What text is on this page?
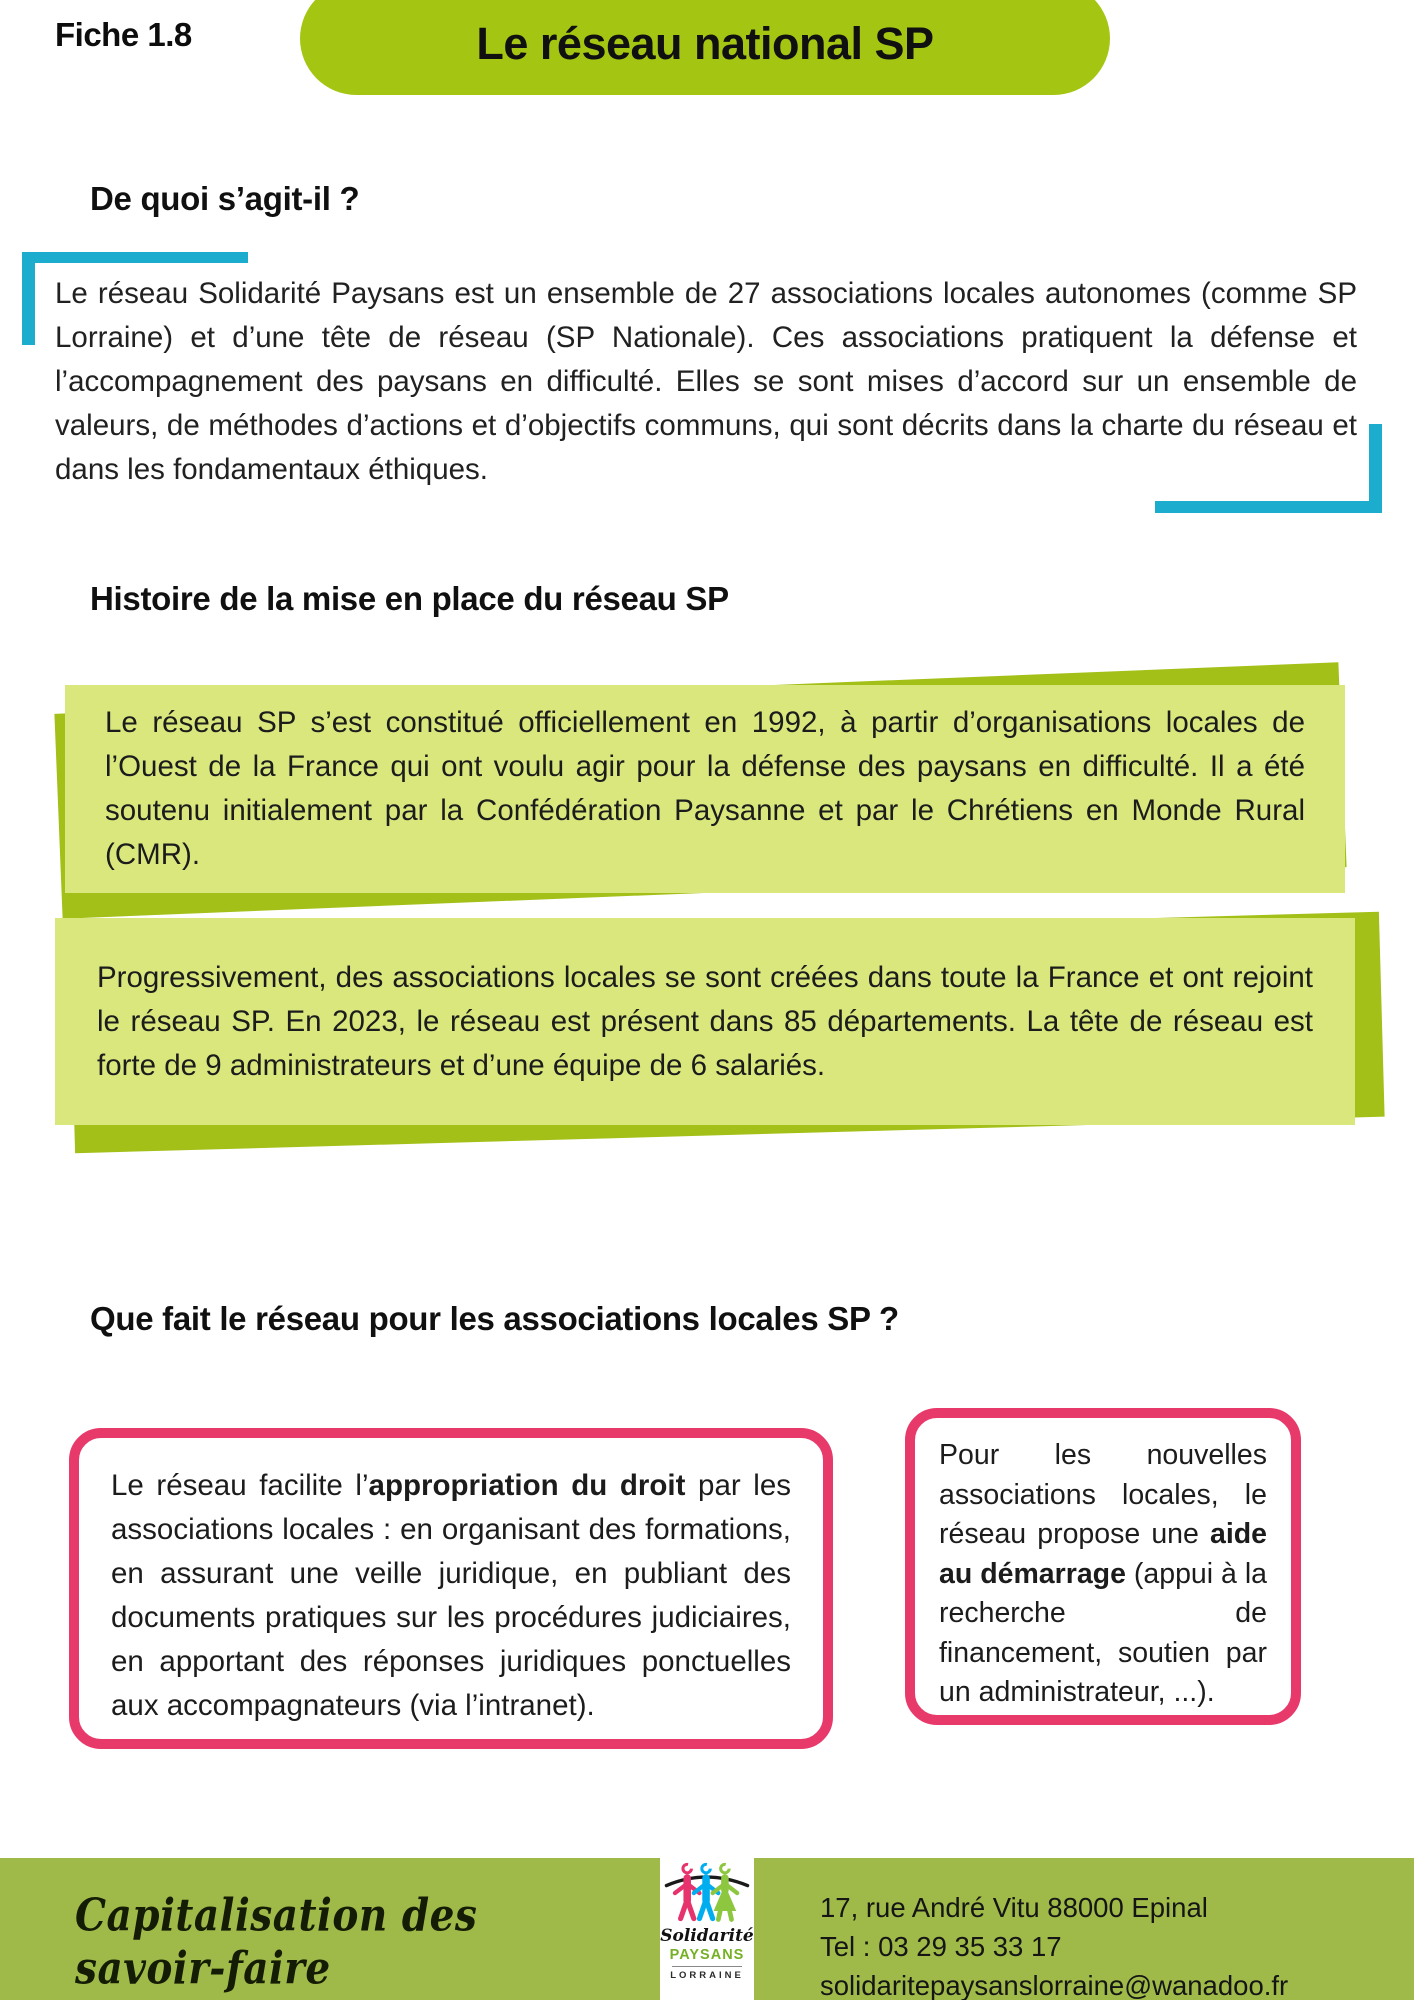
Fiche 1.8	Le réseau national SP
De quoi s’agit-il ?
Le réseau Solidarité Paysans est un ensemble de 27 associations locales autonomes (comme SP Lorraine) et d’une tête de réseau (SP Nationale). Ces associations pratiquent la défense et l’accompagnement des paysans en difficulté. Elles se sont mises d’accord sur un ensemble de valeurs, de méthodes d’actions et d’objectifs communs, qui sont décrits dans la charte du réseau et dans les fondamentaux éthiques.
Histoire de la mise en place du réseau SP
Le réseau SP s’est constitué officiellement en 1992, à partir d’organisations locales de l’Ouest de la France qui ont voulu agir pour la défense des paysans en difficulté. Il a été soutenu initialement par la Confédération Paysanne et par le Chrétiens en Monde Rural (CMR).
Progressivement, des associations locales se sont créées dans toute la France et ont rejoint le réseau SP. En 2023, le réseau est présent dans 85 départements. La tête de réseau est forte de 9 administrateurs et d’une équipe de 6 salariés.
Que fait le réseau pour les associations locales SP ?
Le réseau facilite l’appropriation du droit par les associations locales : en organisant des formations, en assurant une veille juridique, en publiant des documents pratiques sur les procédures judiciaires, en apportant des réponses juridiques ponctuelles aux accompagnateurs (via l’intranet).
Pour les nouvelles associations locales, le réseau propose une aide au démarrage (appui à la recherche de financement, soutien par un administrateur, ...).
Capitalisation des savoir-faire
Solidarité
PAYSANS
LORRAINE
17, rue André Vitu 88000 Epinal
Tel : 03 29 35 33 17
solidaritepaysanslorraine@wanadoo.fr
